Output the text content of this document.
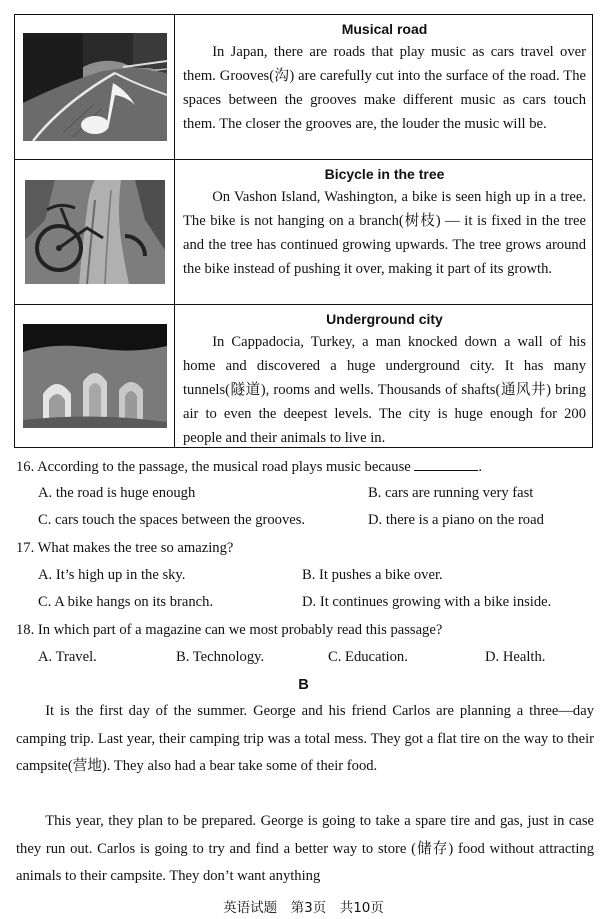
Musical road
In Japan, there are roads that play music as cars travel over them. Grooves(沟) are carefully cut into the surface of the road. The spaces between the grooves make different music as cars touch them. The closer the grooves are, the louder the music will be.
Bicycle in the tree
On Vashon Island, Washington, a bike is seen high up in a tree. The bike is not hanging on a branch(树枝) — it is fixed in the tree and the tree has continued growing upwards. The tree grows around the bike instead of pushing it over, making it part of its growth.
Underground city
In Cappadocia, Turkey, a man knocked down a wall of his home and discovered a huge underground city. It has many tunnels(隧道), rooms and wells. Thousands of shafts(通风井) bring air to even the deepest levels. The city is huge enough for 200 people and their animals to live in.
16. According to the passage, the musical road plays music because	.
A. the road is huge enough	B. cars are running very fast
C. cars touch the spaces between the grooves.	D. there is a piano on the road
17. What makes the tree so amazing?
A. It’s high up in the sky.	B. It pushes a bike over.
C. A bike hangs on its branch.	D. It continues growing with a bike inside.
18. In which part of a magazine can we most probably read this passage?
A. Travel.	B. Technology.	C. Education.	D. Health.
B
It is the first day of the summer. George and his friend Carlos are planning a three—day camping trip. Last year, their camping trip was a total mess. They got a flat tire on the way to their campsite(营地). They also had a bear take some of their food.
This year, they plan to be prepared. George is going to take a spare tire and gas, just in case they run out. Carlos is going to try and find a better way to store (储存) food without attracting animals to their campsite. They don’t want anything
英语试题　第3页　共10页
